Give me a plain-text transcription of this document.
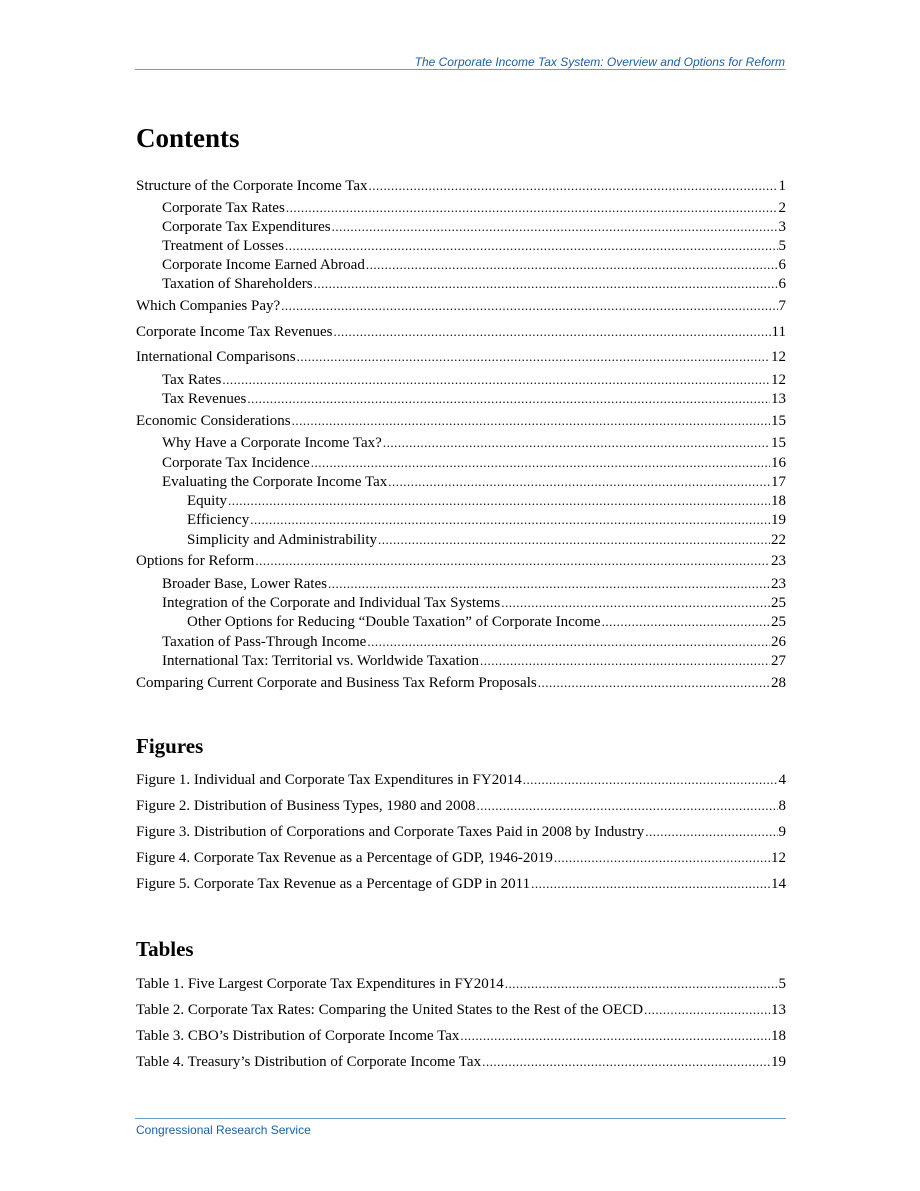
The Corporate Income Tax System: Overview and Options for Reform
Contents
Structure of the Corporate Income Tax .....	1
Corporate Tax Rates .....	2
Corporate Tax Expenditures .....	3
Treatment of Losses .....	5
Corporate Income Earned Abroad .....	6
Taxation of Shareholders .....	6
Which Companies Pay? .....	7
Corporate Income Tax Revenues .....	11
International Comparisons .....	12
Tax Rates .....	12
Tax Revenues .....	13
Economic Considerations .....	15
Why Have a Corporate Income Tax? .....	15
Corporate Tax Incidence .....	16
Evaluating the Corporate Income Tax .....	17
Equity .....	18
Efficiency .....	19
Simplicity and Administrability .....	22
Options for Reform .....	23
Broader Base, Lower Rates .....	23
Integration of the Corporate and Individual Tax Systems .....	25
Other Options for Reducing “Double Taxation” of Corporate Income .....	25
Taxation of Pass-Through Income .....	26
International Tax: Territorial vs. Worldwide Taxation .....	27
Comparing Current Corporate and Business Tax Reform Proposals .....	28
Figures
Figure 1. Individual and Corporate Tax Expenditures in FY2014 .....	4
Figure 2. Distribution of Business Types, 1980 and 2008 .....	8
Figure 3. Distribution of Corporations and Corporate Taxes Paid in 2008 by Industry .....	9
Figure 4. Corporate Tax Revenue as a Percentage of GDP, 1946-2019 .....	12
Figure 5. Corporate Tax Revenue as a Percentage of GDP in 2011 .....	14
Tables
Table 1. Five Largest Corporate Tax Expenditures in FY2014 .....	5
Table 2. Corporate Tax Rates: Comparing the United States to the Rest of the OECD .....	13
Table 3. CBO’s Distribution of Corporate Income Tax .....	18
Table 4. Treasury’s Distribution of Corporate Income Tax .....	19
Congressional Research Service
